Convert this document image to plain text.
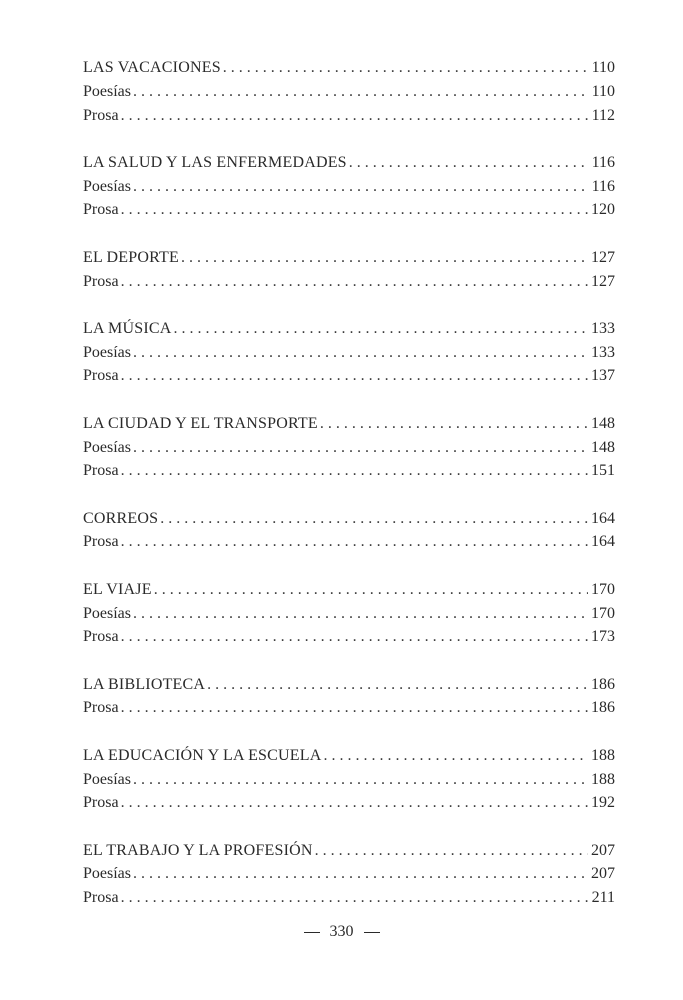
LAS VACACIONES . . .	110
Poesías . . .	110
Prosa . . .	112
LA SALUD Y LAS ENFERMEDADES . . .	116
Poesías . . .	116
Prosa . . .	120
EL DEPORTE . . .	127
Prosa . . .	127
LA MÚSICA . . .	133
Poesías . . .	133
Prosa . . .	137
LA CIUDAD Y EL TRANSPORTE . . .	148
Poesías . . .	148
Prosa . . .	151
CORREOS . . .	164
Prosa . . .	164
EL VIAJE . . .	170
Poesías . . .	170
Prosa . . .	173
LA BIBLIOTECA . . .	186
Prosa . . .	186
LA EDUCACIÓN Y LA ESCUELA . . .	188
Poesías . . .	188
Prosa . . .	192
EL TRABAJO Y LA PROFESIÓN . . .	207
Poesías . . .	207
Prosa . . .	211
330
